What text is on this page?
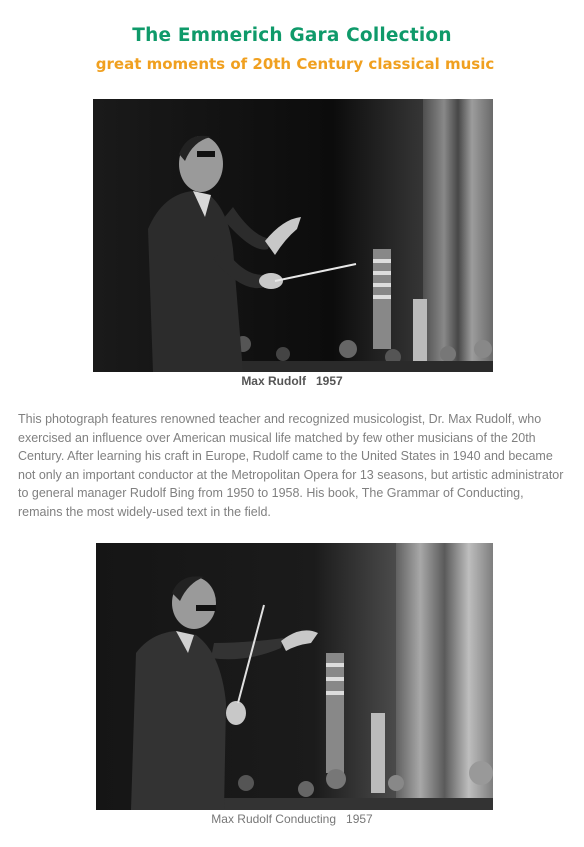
The Emmerich Gara Collection
great moments of 20th Century classical music
Max Rudolf   1957
This photograph features renowned teacher and recognized musicologist, Dr. Max Rudolf, who exercised an influence over American musical life matched by few other musicians of the 20th Century. After learning his craft in Europe, Rudolf came to the United States in 1940 and became not only an important conductor at the Metropolitan Opera for 13 seasons, but artistic administrator to general manager Rudolf Bing from 1950 to 1958. His book, The Grammar of Conducting, remains the most widely-used text in the field.
Max Rudolf Conducting   1957
